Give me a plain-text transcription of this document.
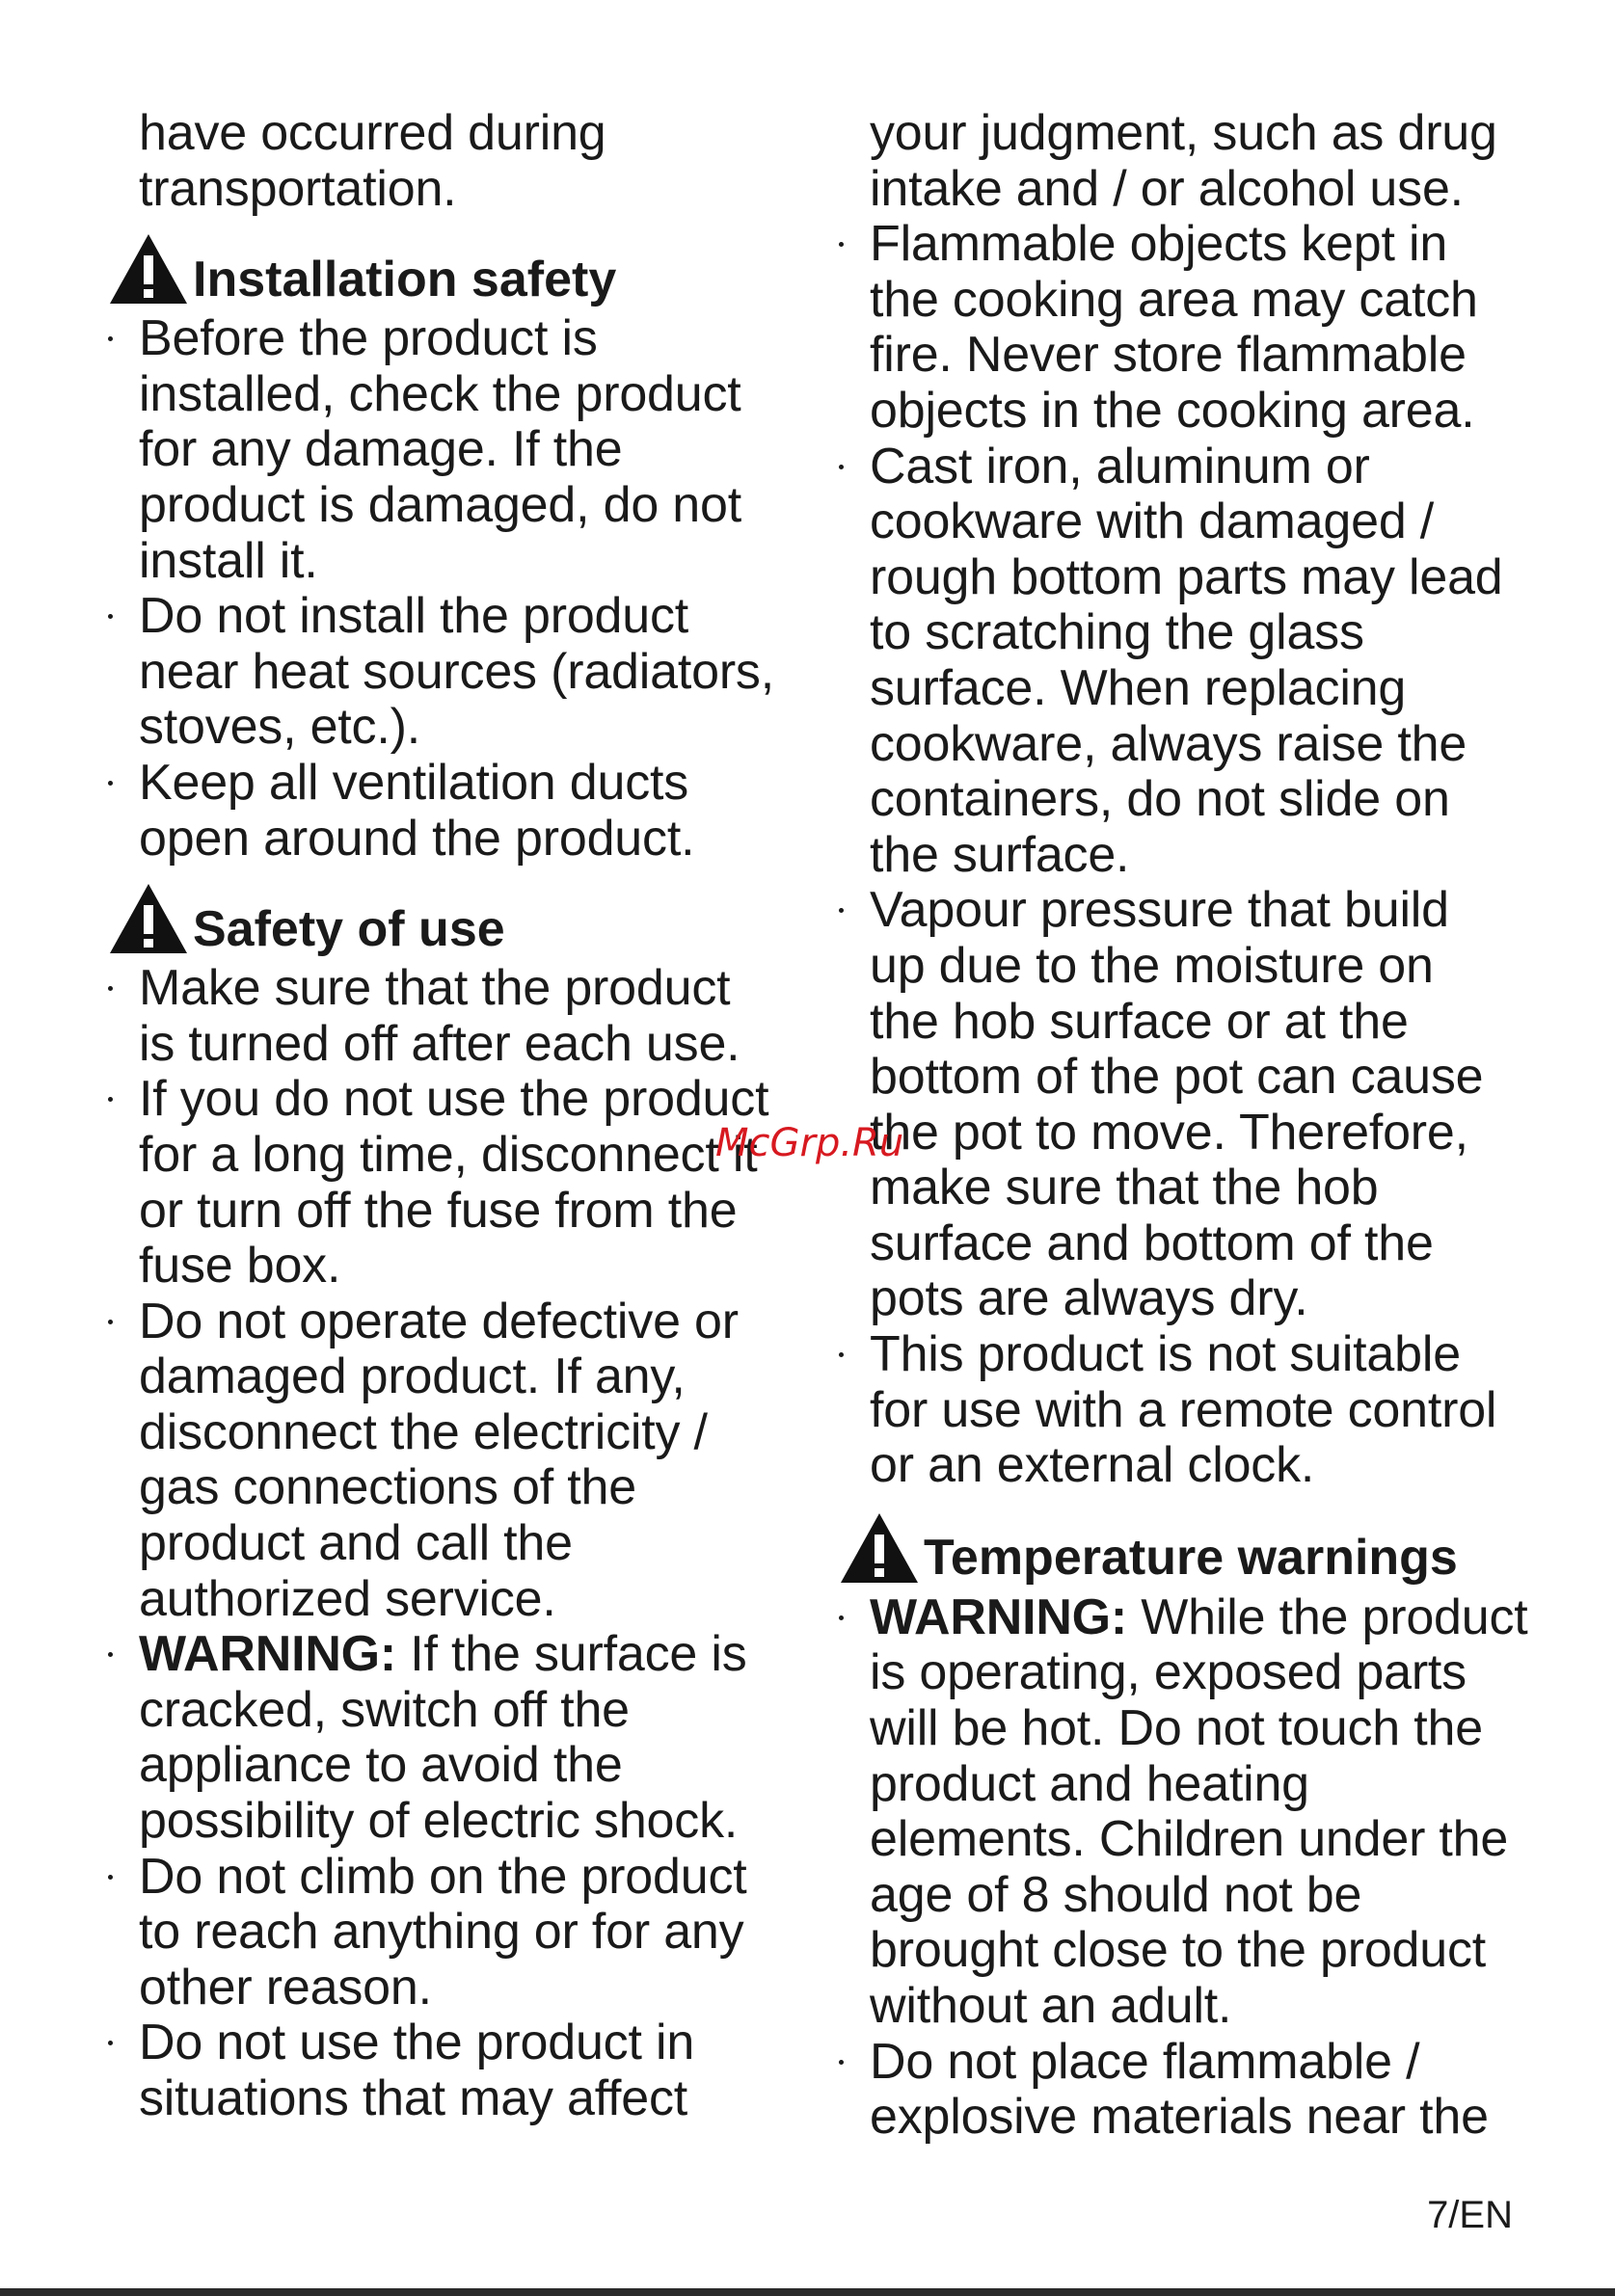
have occurred during
transportation.
Installation safety
Before the product is
installed, check the product
for any damage. If the
product is damaged, do not
install it.
Do not install the product
near heat sources (radiators,
stoves, etc.).
Keep all ventilation ducts
open around the product.
Safety of use
Make sure that the product
is turned off after each use.
If you do not use the product
for a long time, disconnect it
or turn off the fuse from the
fuse box.
Do not operate defective or
damaged product. If any,
disconnect the electricity /
gas connections of the
product and call the
authorized service.
WARNING: If the surface is
cracked, switch off the
appliance to avoid the
possibility of electric shock.
Do not climb on the product
to reach anything or for any
other reason.
Do not use the product in
situations that may affect
your judgment, such as drug
intake and / or alcohol use.
Flammable objects kept in
the cooking area may catch
fire. Never store flammable
objects in the cooking area.
Cast iron, aluminum or
cookware with damaged /
rough bottom parts may lead
to scratching the glass
surface. When replacing
cookware, always raise the
containers, do not slide on
the surface.
Vapour pressure that build
up due to the moisture on
the hob surface or at the
bottom of the pot can cause
the pot to move. Therefore,
make sure that the hob
surface and bottom of the
pots are always dry.
This product is not suitable
for use with a remote control
or an external clock.
Temperature warnings
WARNING: While the product
is operating, exposed parts
will be hot. Do not touch the
product and heating
elements. Children under the
age of 8 should not be
brought close to the product
without an adult.
Do not place flammable /
explosive materials near the
McGrp.Ru
7/EN
